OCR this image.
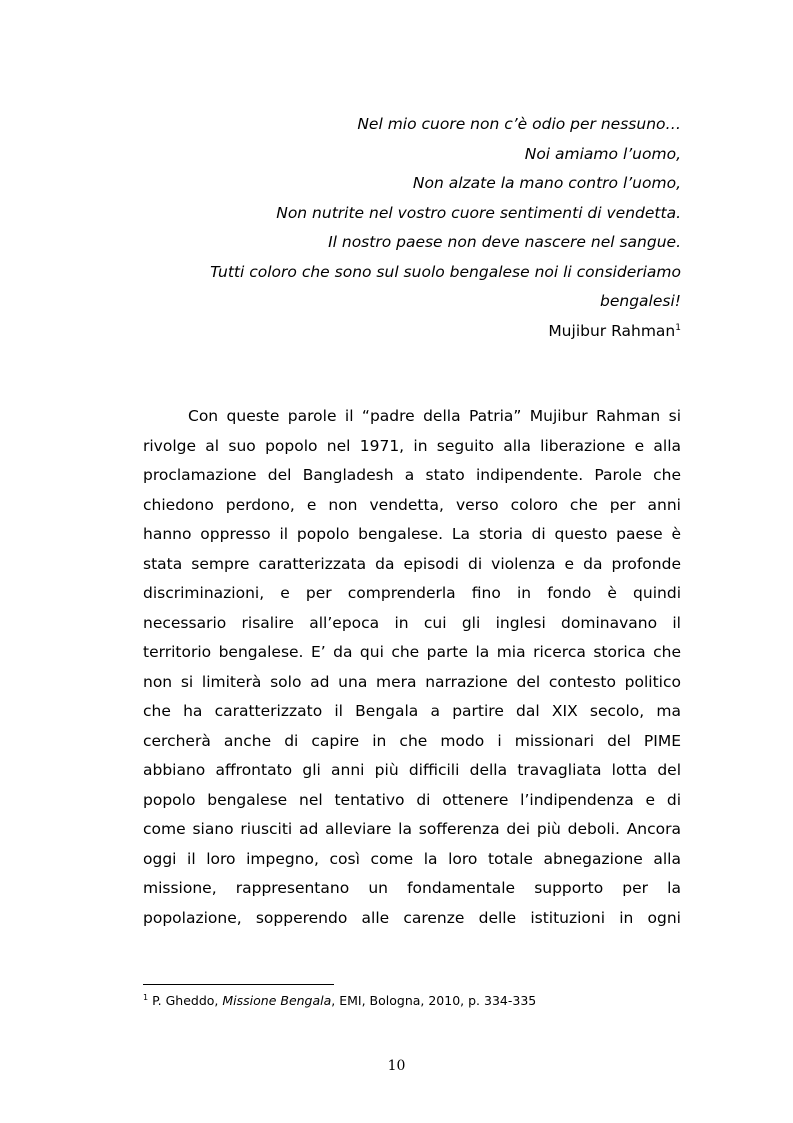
Nel mio cuore non c’è odio per nessuno…
Noi amiamo l’uomo,
Non alzate la mano contro l’uomo,
Non nutrite nel vostro cuore sentimenti di vendetta.
Il nostro paese non deve nascere nel sangue.
Tutti coloro che sono sul suolo bengalese noi li consideriamo
bengalesi!
Mujibur Rahman$^1$
Con queste parole il “padre della Patria” Mujibur Rahman si
rivolge al suo popolo nel 1971, in seguito alla liberazione e alla
proclamazione del Bangladesh a stato indipendente. Parole che
chiedono perdono, e non vendetta, verso coloro che per anni
hanno oppresso il popolo bengalese. La storia di questo paese è
stata sempre caratterizzata da episodi di violenza e da profonde
discriminazioni, e per comprenderla fino in fondo è quindi
necessario risalire all’epoca in cui gli inglesi dominavano il
territorio bengalese. E’ da qui che parte la mia ricerca storica che
non si limiterà solo ad una mera narrazione del contesto politico
che ha caratterizzato il Bengala a partire dal XIX secolo, ma
cercherà anche di capire in che modo i missionari del PIME
abbiano affrontato gli anni più difficili della travagliata lotta del
popolo bengalese nel tentativo di ottenere l’indipendenza e di
come siano riusciti ad alleviare la sofferenza dei più deboli. Ancora
oggi il loro impegno, così come la loro totale abnegazione alla
missione, rappresentano un fondamentale supporto per la
popolazione, sopperendo alle carenze delle istituzioni in ogni
$^1$ P. Gheddo, Missione Bengala, EMI, Bologna, 2010, p. 334-335
10
